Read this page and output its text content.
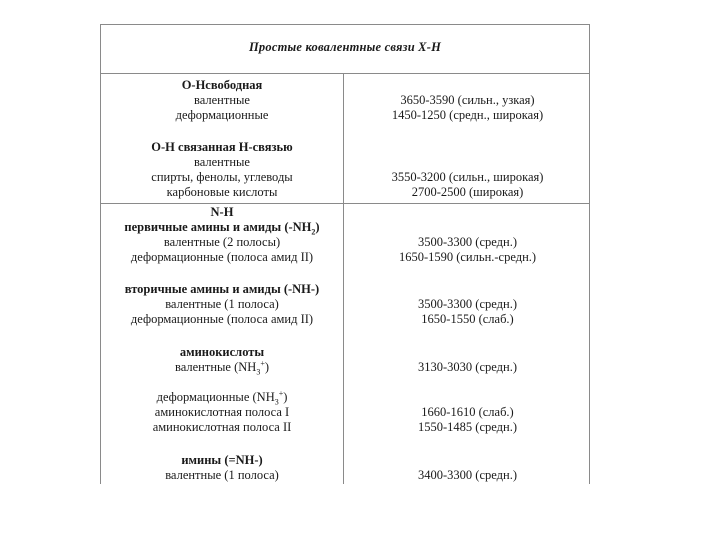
Простые ковалентные связи X-H
O-Hсвободная
валентные	3650-3590 (сильн., узкая)
деформационные	1450-1250 (средн., широкая)
O-H связанная H-связью
валентные
спирты, фенолы, углеводы	3550-3200 (сильн., широкая)
карбоновые кислоты	2700-2500 (широкая)
N-H
первичные амины и амиды $(-NH_2)$
валентные (2 полосы)	3500-3300 (средн.)
деформационные (полоса амид II)	1650-1590 (сильн.-средн.)
вторичные амины и амиды (-NH-)
валентные (1 полоса)	3500-3300 (средн.)
деформационные (полоса амид II)	1650-1550 (слаб.)
аминокислоты
валентные $(NH_3^+)$	3130-3030 (средн.)
деформационные $(NH_3^+)$
аминокислотная полоса I	1660-1610 (слаб.)
аминокислотная полоса II	1550-1485 (средн.)
имины (=NH-)
валентные (1 полоса)	3400-3300 (средн.)
